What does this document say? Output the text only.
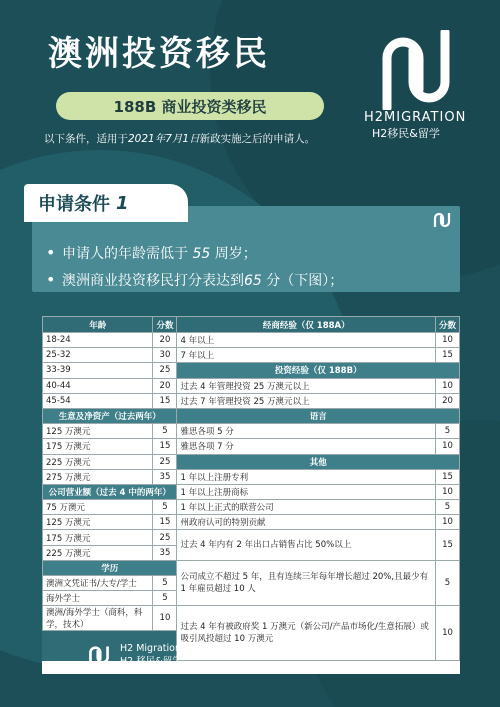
澳洲投资移民
188B 商业投资类移民
以下条件，适用于2021年7月1日新政实施之后的申请人。
H2MIGRATION
H2移民&留学
申请条件 1
• 申请人的年龄需低于
55
周岁；
• 澳洲商业投资移民打分表达到 65
分（下图）；
年龄	分数	经商经验（仅 188A）	分数
18-24	20	4 年以上	10
25-32	30	7 年以上	15
33-39	25	投资经验（仅 188B）	
40-44	20	过去 4 年管理投资 25 万澳元以上	10
45-54	15	过去 7 年管理投资 25 万澳元以上	20
生意及净资产（过去两年）		语言	
125 万澳元	5	雅思各项 5 分	5
175 万澳元	15	雅思各项 7 分	10
225 万澳元	25	其他	
275 万澳元	35	1 年以上注册专利	15
公司营业额（过去 4 中的两年）		1 年以上注册商标	10
75 万澳元	5	1 年以上正式的联营公司	5
125 万澳元	15	州政府认可的特别贡献	10
175 万澳元	25	过去 4 年内有 2 年出口占销售占比 50%以上	15
225 万澳元	35		
学历		公司成立不超过 5 年，且有连续三年每年增长超过 20%,且最少有 1 年雇员超过 10 人	5
澳洲文凭证书/大专/学士	5		
海外学士	5		
澳洲/海外学士（商科，科学，技术）	10	过去 4 年有被政府奖 1 万澳元（新公司/产品市场化/生意拓展）或吸引风投超过 10 万澳元	10

H2 Migration
H2 移民&留学
